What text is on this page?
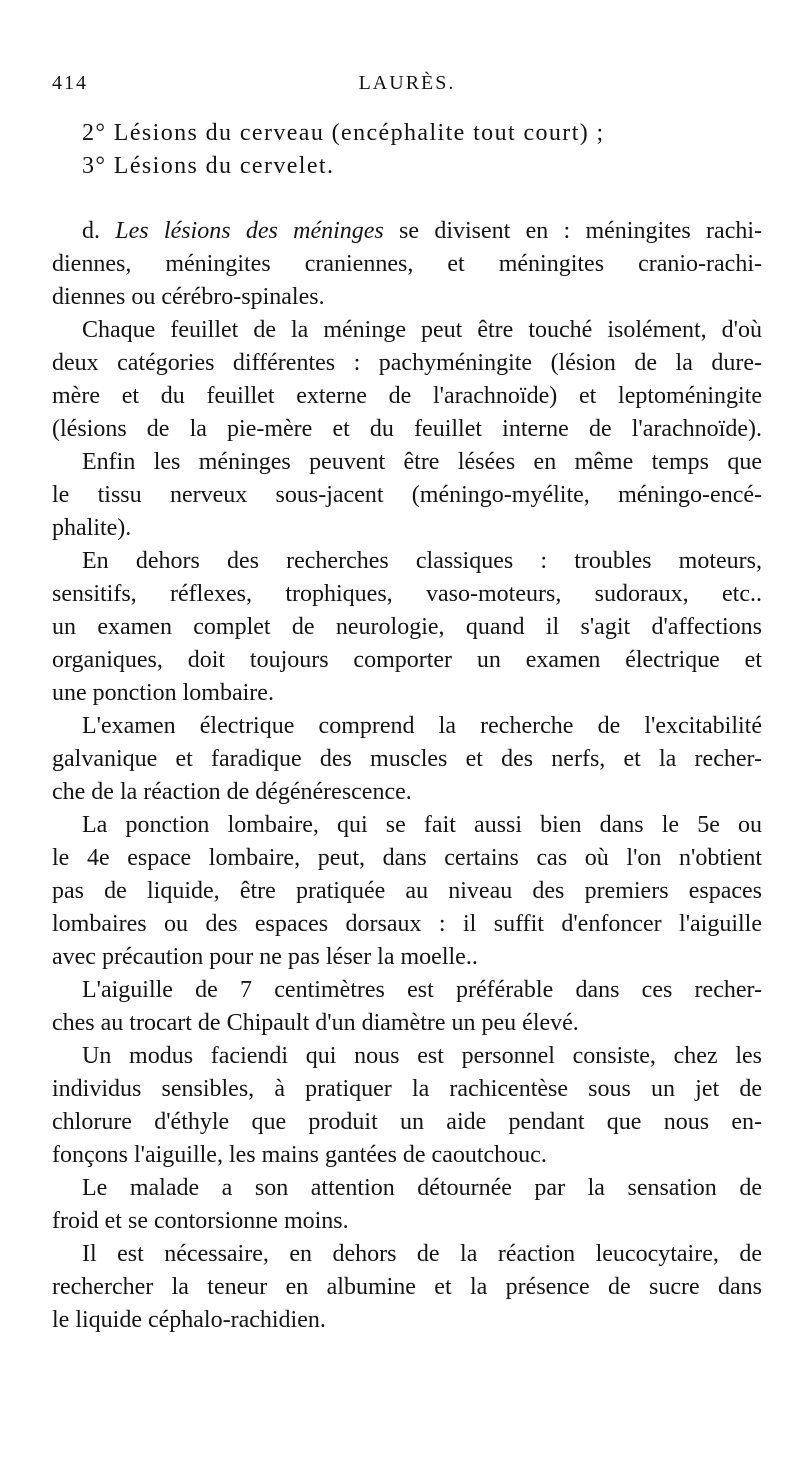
414	LAURÈS.
2° Lésions du cerveau (encéphalite tout court) ;
3° Lésions du cervelet.
d. Les lésions des méninges se divisent en : méningites rachi-
diennes, méningites craniennes, et méningites cranio-rachi-
diennes ou cérébro-spinales.
Chaque feuillet de la méninge peut être touché isolément, d'où
deux catégories différentes : pachyméningite (lésion de la dure-
mère et du feuillet externe de l'arachnoïde) et leptoméningite
(lésions de la pie-mère et du feuillet interne de l'arachnoïde).
Enfin les méninges peuvent être lésées en même temps que
le tissu nerveux sous-jacent (méningo-myélite, méningo-encé-
phalite).
En dehors des recherches classiques : troubles moteurs,
sensitifs, réflexes, trophiques, vaso-moteurs, sudoraux, etc..
un examen complet de neurologie, quand il s'agit d'affections
organiques, doit toujours comporter un examen électrique et
une ponction lombaire.
L'examen électrique comprend la recherche de l'excitabilité
galvanique et faradique des muscles et des nerfs, et la recher-
che de la réaction de dégénérescence.
La ponction lombaire, qui se fait aussi bien dans le 5e ou
le 4e espace lombaire, peut, dans certains cas où l'on n'obtient
pas de liquide, être pratiquée au niveau des premiers espaces
lombaires ou des espaces dorsaux : il suffit d'enfoncer l'aiguille
avec précaution pour ne pas léser la moelle..
L'aiguille de 7 centimètres est préférable dans ces recher-
ches au trocart de Chipault d'un diamètre un peu élevé.
Un modus faciendi qui nous est personnel consiste, chez les
individus sensibles, à pratiquer la rachicentèse sous un jet de
chlorure d'éthyle que produit un aide pendant que nous en-
fonçons l'aiguille, les mains gantées de caoutchouc.
Le malade a son attention détournée par la sensation de
froid et se contorsionne moins.
Il est nécessaire, en dehors de la réaction leucocytaire, de
rechercher la teneur en albumine et la présence de sucre dans
le liquide céphalo-rachidien.
